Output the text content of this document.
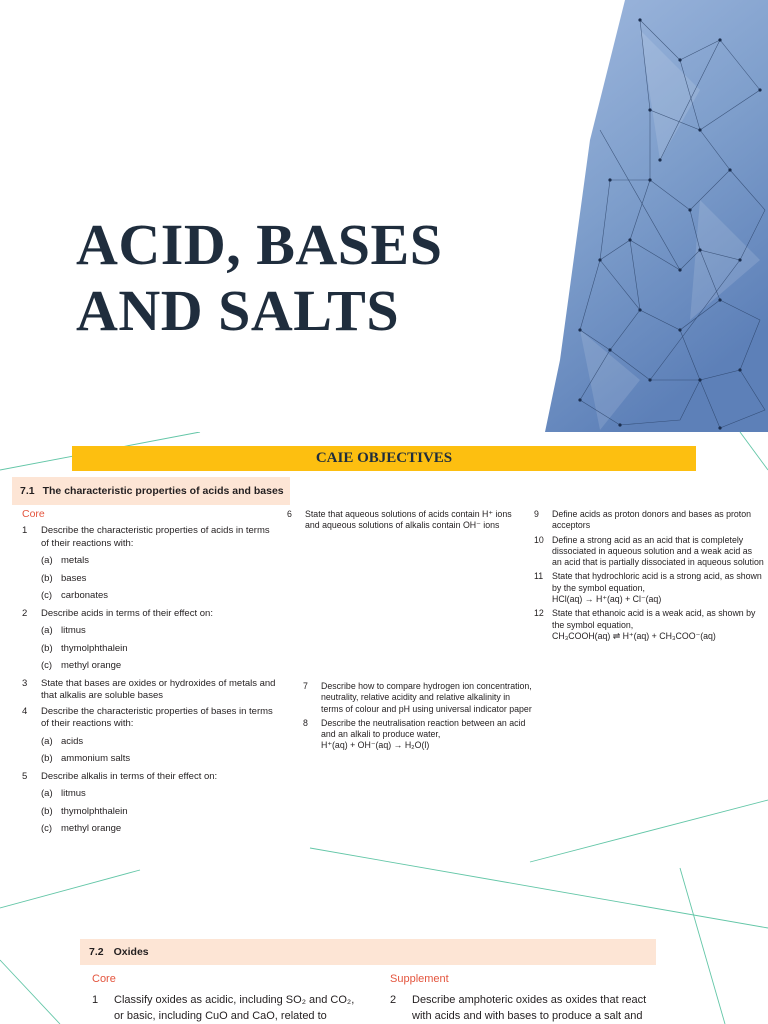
ACID, BASES
AND SALTS
CAIE OBJECTIVES
7.1 The characteristic properties of acids and bases
Core
1 Describe the characteristic properties of acids in terms of their reactions with:
(a) metals
(b) bases
(c) carbonates
2 Describe acids in terms of their effect on:
(a) litmus
(b) thymolphthalein
(c) methyl orange
3 State that bases are oxides or hydroxides of metals and that alkalis are soluble bases
4 Describe the characteristic properties of bases in terms of their reactions with:
(a) acids
(b) ammonium salts
5 Describe alkalis in terms of their effect on:
(a) litmus
(b) thymolphthalein
(c) methyl orange
6 State that aqueous solutions of acids contain H⁺ ions and aqueous solutions of alkalis contain OH⁻ ions
7 Describe how to compare hydrogen ion concentration, neutrality, relative acidity and relative alkalinity in terms of colour and pH using universal indicator paper
8 Describe the neutralisation reaction between an acid and an alkali to produce water,
H⁺(aq) + OH⁻(aq) → H₂O(l)
9 Define acids as proton donors and bases as proton acceptors
10 Define a strong acid as an acid that is completely dissociated in aqueous solution and a weak acid as an acid that is partially dissociated in aqueous solution
11 State that hydrochloric acid is a strong acid, as shown by the symbol equation,
HCl(aq) → H⁺(aq) + Cl⁻(aq)
12 State that ethanoic acid is a weak acid, as shown by the symbol equation,
CH₃COOH(aq) ⇌ H⁺(aq) + CH₃COO⁻(aq)
7.2 Oxides
Core	Supplement
1 Classify oxides as acidic, including SO₂ and CO₂,
or basic, including CuO and CaO, related to
2 Describe amphoteric oxides as oxides that react
with acids and with bases to produce a salt and
